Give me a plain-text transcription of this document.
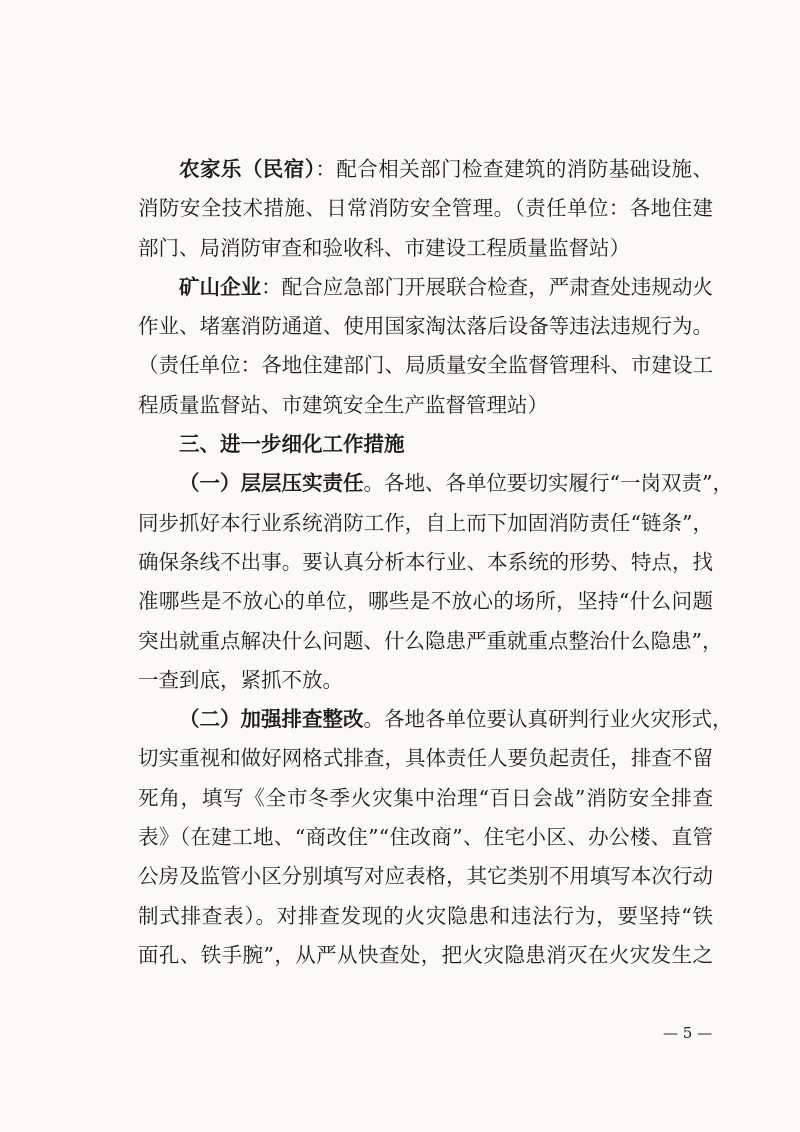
农家乐（民宿）：配合相关部门检查建筑的消防基础设施、
消防安全技术措施、日常消防安全管理。（责任单位：各地住建
部门、局消防审查和验收科、市建设工程质量监督站）
矿山企业：配合应急部门开展联合检查，严肃查处违规动火
作业、堵塞消防通道、使用国家淘汰落后设备等违法违规行为。
（责任单位：各地住建部门、局质量安全监督管理科、市建设工
程质量监督站、市建筑安全生产监督管理站）
三、进一步细化工作措施
（一）层层压实责任。各地、各单位要切实履行“一岗双责”，
同步抓好本行业系统消防工作，自上而下加固消防责任“链条”，
确保条线不出事。要认真分析本行业、本系统的形势、特点，找
准哪些是不放心的单位，哪些是不放心的场所，坚持“什么问题
突出就重点解决什么问题、什么隐患严重就重点整治什么隐患”，
一查到底，紧抓不放。
（二）加强排查整改。各地各单位要认真研判行业火灾形式，
切实重视和做好网格式排查，具体责任人要负起责任，排查不留
死角，填写《全市冬季火灾集中治理“百日会战”消防安全排查
表》（在建工地、“商改住”“住改商”、住宅小区、办公楼、直管
公房及监管小区分别填写对应表格，其它类别不用填写本次行动
制式排查表）。对排查发现的火灾隐患和违法行为，要坚持“铁
面孔、铁手腕”，从严从快查处，把火灾隐患消灭在火灾发生之
— 5 —
